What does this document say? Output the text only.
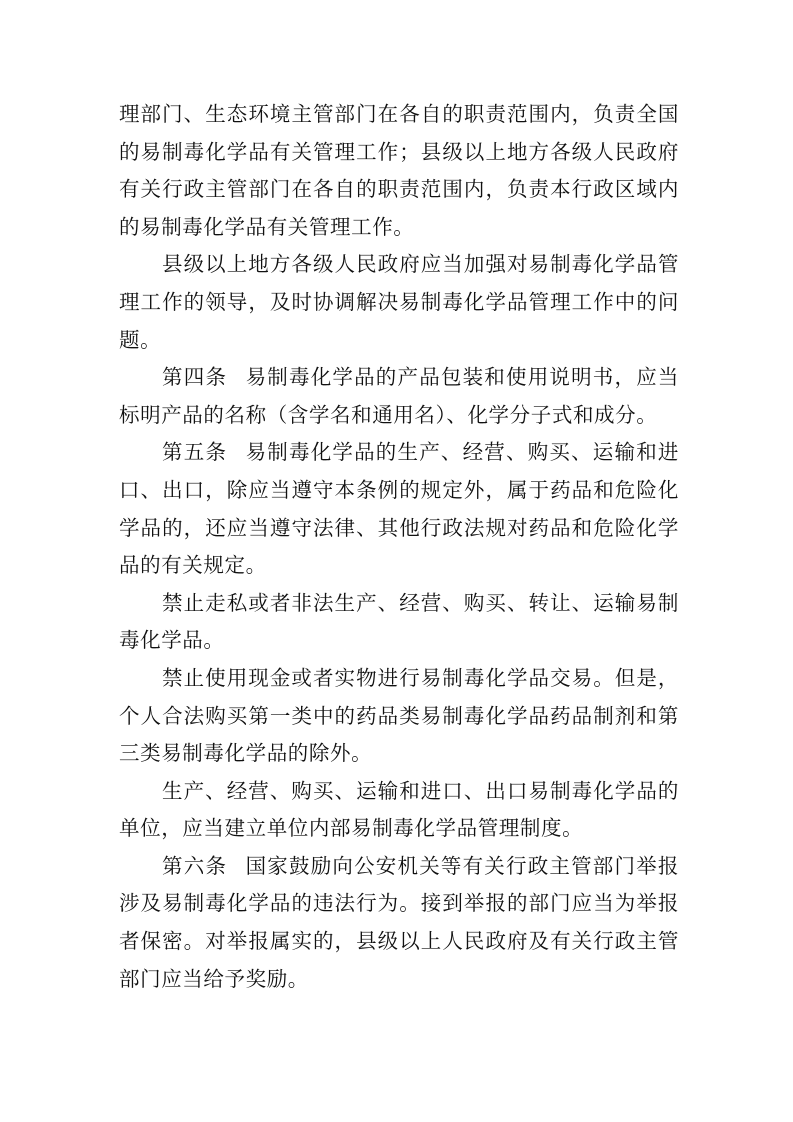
理部门、生态环境主管部门在各自的职责范围内，负责全国的易制毒化学品有关管理工作；县级以上地方各级人民政府有关行政主管部门在各自的职责范围内，负责本行政区域内的易制毒化学品有关管理工作。

县级以上地方各级人民政府应当加强对易制毒化学品管理工作的领导，及时协调解决易制毒化学品管理工作中的问题。

第四条 易制毒化学品的产品包装和使用说明书，应当标明产品的名称（含学名和通用名）、化学分子式和成分。

第五条 易制毒化学品的生产、经营、购买、运输和进口、出口，除应当遵守本条例的规定外，属于药品和危险化学品的，还应当遵守法律、其他行政法规对药品和危险化学品的有关规定。

禁止走私或者非法生产、经营、购买、转让、运输易制毒化学品。

禁止使用现金或者实物进行易制毒化学品交易。但是，个人合法购买第一类中的药品类易制毒化学品药品制剂和第三类易制毒化学品的除外。

生产、经营、购买、运输和进口、出口易制毒化学品的单位，应当建立单位内部易制毒化学品管理制度。

第六条 国家鼓励向公安机关等有关行政主管部门举报涉及易制毒化学品的违法行为。接到举报的部门应当为举报者保密。对举报属实的，县级以上人民政府及有关行政主管部门应当给予奖励。
